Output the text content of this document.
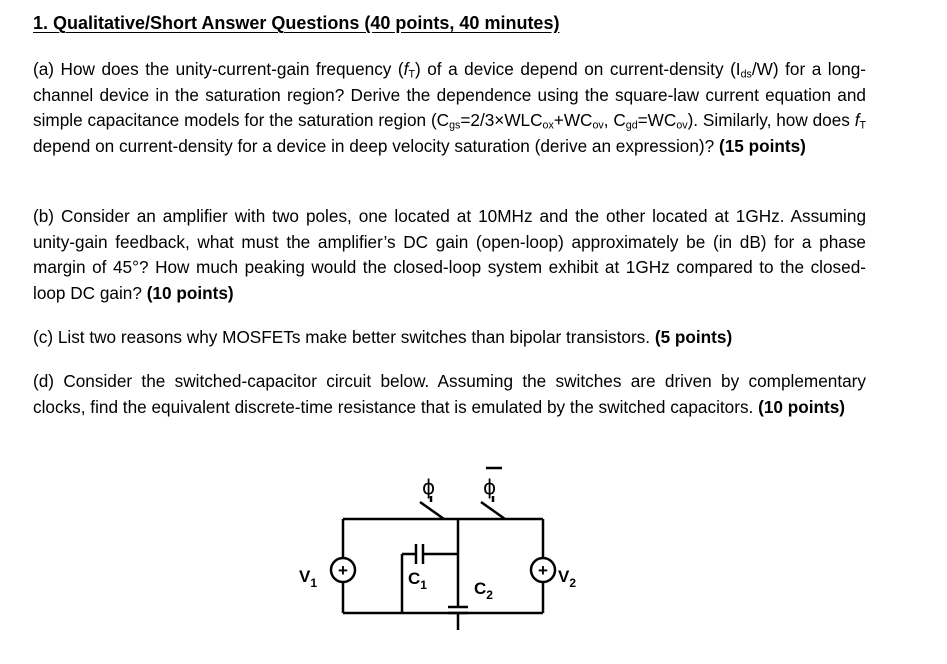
1. Qualitative/Short Answer Questions (40 points, 40 minutes)

(a) How does the unity-current-gain frequency $(f_T)$ of a device depend on current-density $(I_{ds}/W)$ for a long-channel device in the saturation region? Derive the dependence using the square-law current equation and simple capacitance models for the saturation region ($C_{gs}=2/3\times WLC_{ox}+WC_{ov}$, $C_{gd}=WC_{ov}$). Similarly, how does $f_T$ depend on current-density for a device in deep velocity saturation (derive an expression)? (15 points)

(b) Consider an amplifier with two poles, one located at 10MHz and the other located at 1GHz. Assuming unity-gain feedback, what must the amplifier’s DC gain (open-loop) approximately be (in dB) for a phase margin of 45°? How much peaking would the closed-loop system exhibit at 1GHz compared to the closed-loop DC gain? (10 points)

(c) List two reasons why MOSFETs make better switches than bipolar transistors. (5 points)

(d) Consider the switched-capacitor circuit below. Assuming the switches are driven by complementary clocks, find the equivalent discrete-time resistance that is emulated by the switched capacitors. (10 points)

+
$V_1$
ϕ
$C_1$	$C_2$
ϕ
+ $V_2$
